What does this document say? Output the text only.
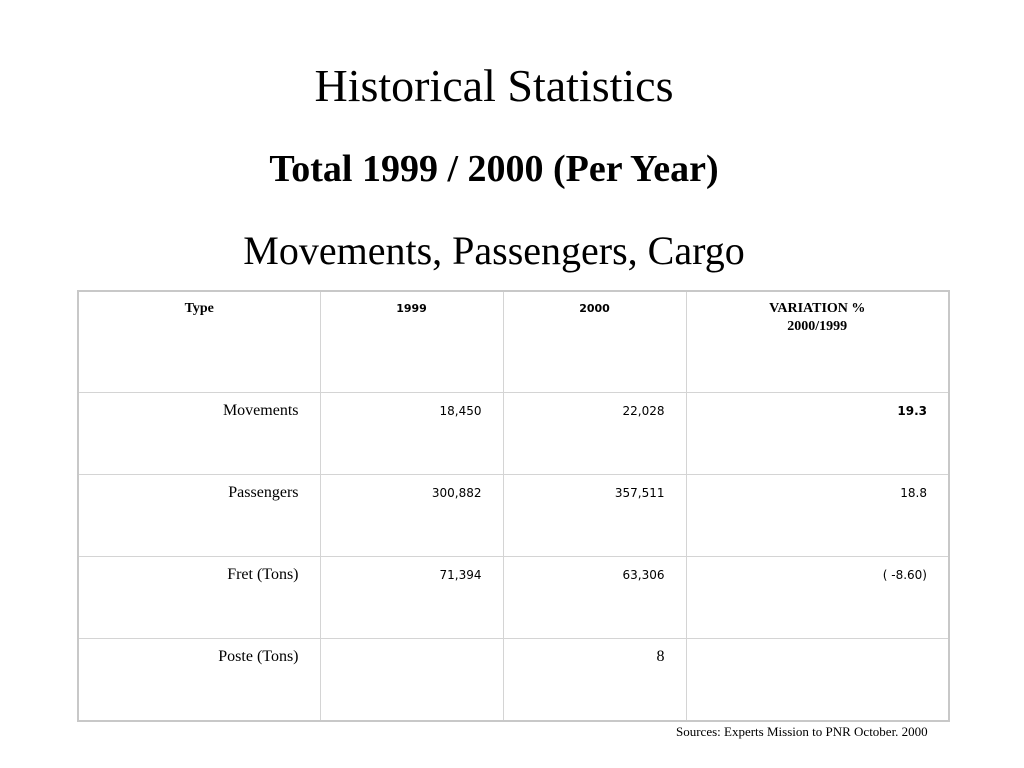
Historical Statistics
Total 1999 / 2000 (Per Year)
Movements, Passengers, Cargo
Type	1999	2000	VARIATION %
2000/1999

Movements	18,450	22,028	19.3
Passengers	300,882	357,511	18.8
Fret (Tons)	71,394	63,306	( -8.60)
Poste (Tons)		8	
Sources: Experts Mission to PNR October. 2000
